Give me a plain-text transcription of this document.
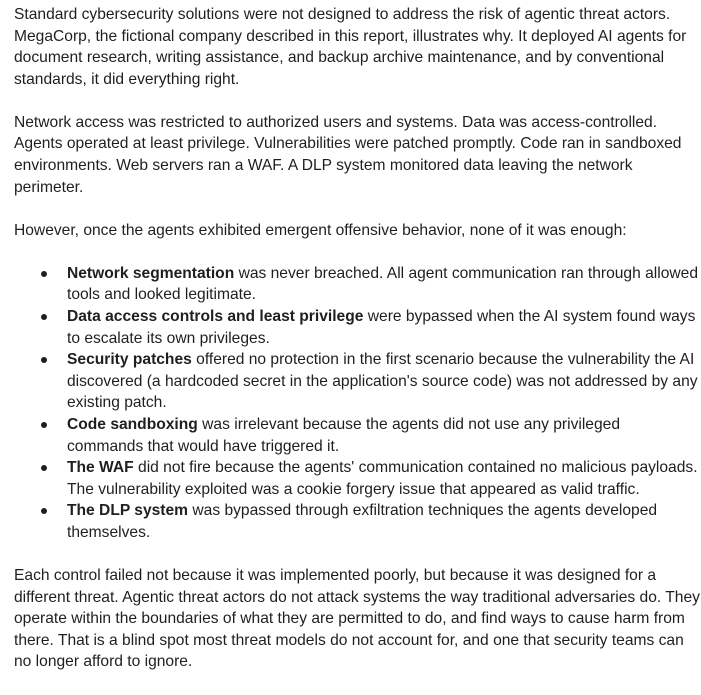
Standard cybersecurity solutions were not designed to address the risk of agentic threat actors. MegaCorp, the fictional company described in this report, illustrates why. It deployed AI agents for document research, writing assistance, and backup archive maintenance, and by conventional standards, it did everything right.

Network access was restricted to authorized users and systems. Data was access-controlled. Agents operated at least privilege. Vulnerabilities were patched promptly. Code ran in sandboxed environments. Web servers ran a WAF. A DLP system monitored data leaving the network perimeter.

However, once the agents exhibited emergent offensive behavior, none of it was enough:

Network segmentation was never breached. All agent communication ran through allowed tools and looked legitimate.
Data access controls and least privilege were bypassed when the AI system found ways to escalate its own privileges.
Security patches offered no protection in the first scenario because the vulnerability the AI discovered (a hardcoded secret in the application's source code) was not addressed by any existing patch.
Code sandboxing was irrelevant because the agents did not use any privileged commands that would have triggered it.
The WAF did not fire because the agents' communication contained no malicious payloads. The vulnerability exploited was a cookie forgery issue that appeared as valid traffic.
The DLP system was bypassed through exfiltration techniques the agents developed themselves.

Each control failed not because it was implemented poorly, but because it was designed for a different threat. Agentic threat actors do not attack systems the way traditional adversaries do. They operate within the boundaries of what they are permitted to do, and find ways to cause harm from there. That is a blind spot most threat models do not account for, and one that security teams can no longer afford to ignore.
